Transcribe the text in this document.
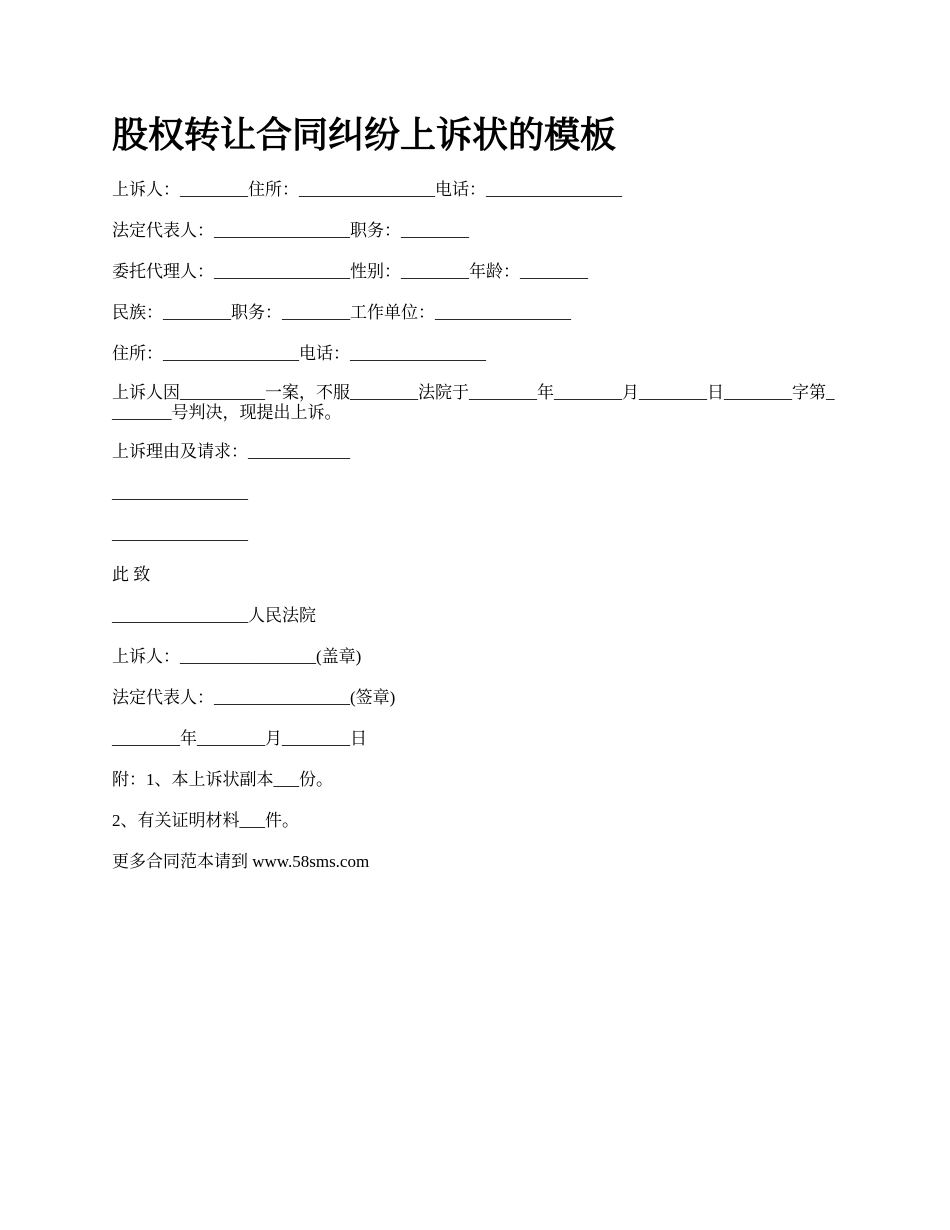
股权转让合同纠纷上诉状的模板

上诉人：________住所：________________电话：________________

法定代表人：________________职务：________

委托代理人：________________性别：________年龄：________

民族：________职务：________工作单位：________________

住所：________________电话：________________

上诉人因__________一案，不服________法院于________年________月________日________字第________号判决，现提出上诉。

上诉理由及请求：____________

________________

________________

此 致

________________人民法院

上诉人：________________(盖章)

法定代表人：________________(签章)

________年________月________日

附：1、本上诉状副本___份。

2、有关证明材料___件。

更多合同范本请到 www.58sms.com
